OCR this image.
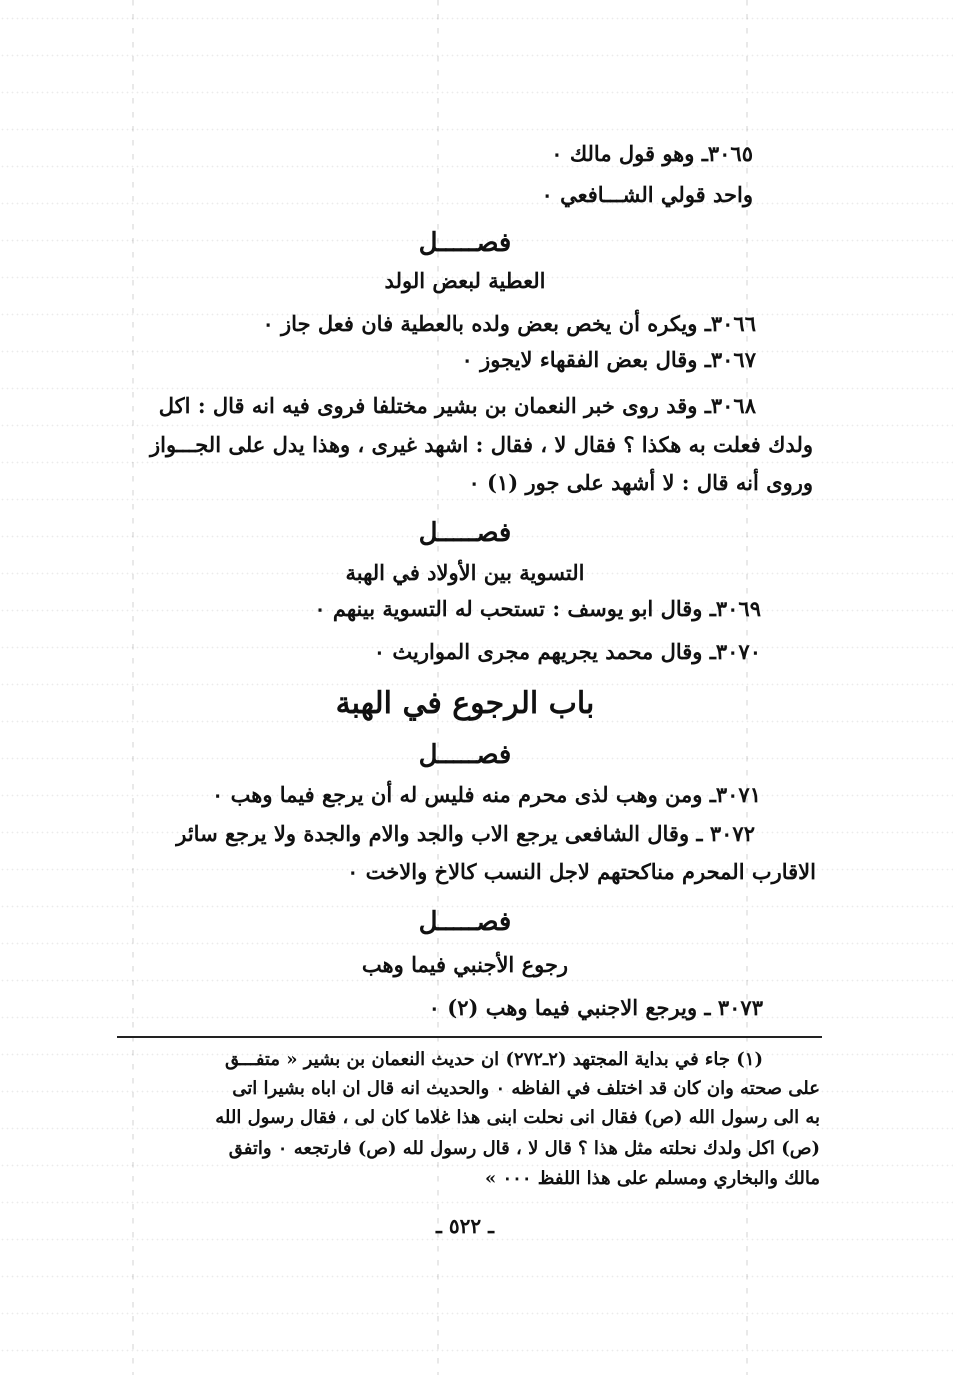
٣٠٦٥ـ وهو قول مالك ٠
واحد قولي الشـــافعي ٠
فصـــــل
العطية لبعض الولد
٣٠٦٦ـ ويكره أن يخص بعض ولده بالعطية فان فعل جاز ٠
٣٠٦٧ـ وقال بعض الفقهاء لايجوز ٠
٣٠٦٨ـ وقد روى خبر النعمان بن بشير مختلفا فروى فيه انه قال : اكل
ولدك فعلت به هكذا ؟ فقال لا ، فقال : اشهد غيرى ، وهذا يدل على الجـــواز
وروى أنه قال : لا أشهد على جور (١) ٠
فصـــــل
التسوية بين الأولاد في الهبة
٣٠٦٩ـ وقال ابو يوسف : تستحب له التسوية بينهم ٠
٣٠٧٠ـ وقال محمد يجريهم مجرى المواريث ٠
باب الرجوع في الهبة
فصـــــل
٣٠٧١ـ ومن وهب لذى محرم منه فليس له أن يرجع فيما وهب ٠
٣٠٧٢ ـ وقال الشافعى يرجع الاب والجد والام والجدة ولا يرجع سائر
الاقارب المحرم مناكحتهم لاجل النسب كالاخ والاخت ٠
فصـــــل
رجوع الأجنبي فيما وهب
٣٠٧٣ ـ ويرجع الاجنبي فيما وهب (٢) ٠
(١) جاء في بداية المجتهد (٢ـ٢٧٢) ان حديث النعمان بن بشير « متفـــق
على صحته وان كان قد اختلف في الفاظه ٠ والحديث انه قال ان اباه بشيرا اتى
به الى رسول الله (ص) فقال انى نحلت ابنى هذا غلاما كان لى ، فقال رسول الله
(ص) اكل ولدك نحلته مثل هذا ؟ قال لا ، قال رسول لله (ص) فارتجعه ٠ واتفق
مالك والبخاري ومسلم على هذا اللفظ ٠٠٠ »
ـ ٥٢٢ ـ
